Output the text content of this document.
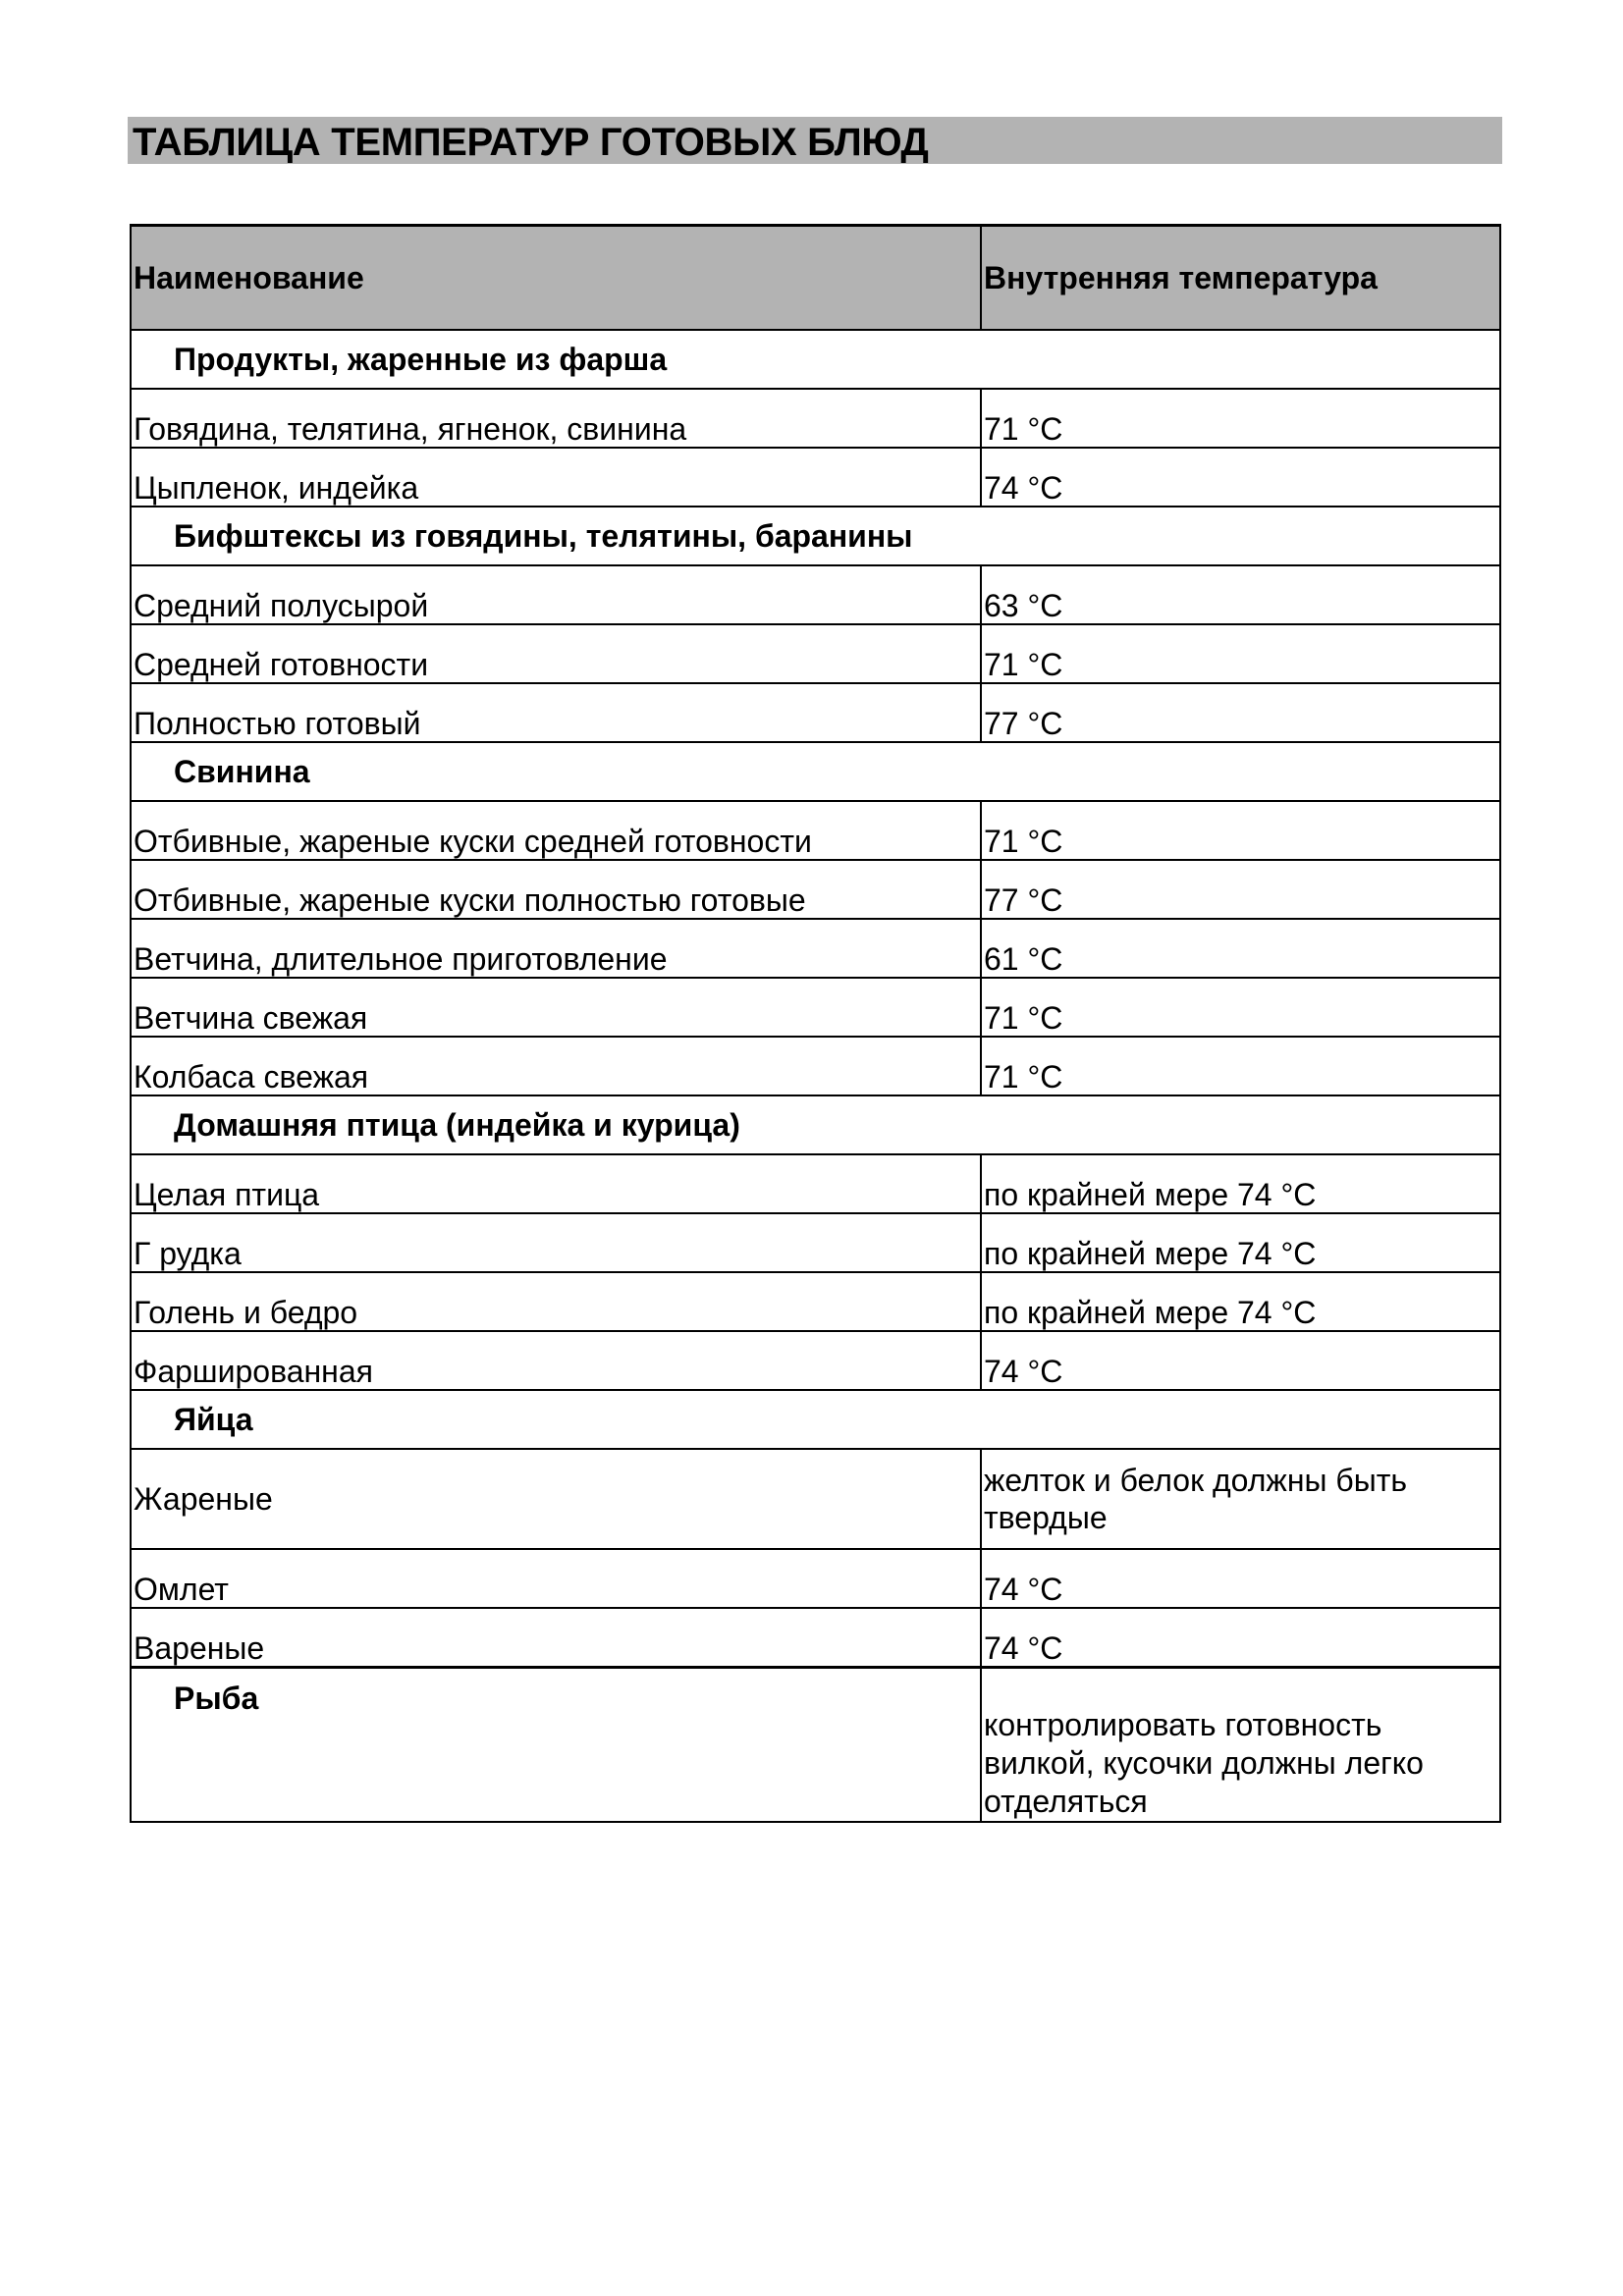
ТАБЛИЦА ТЕМПЕРАТУР ГОТОВЫХ БЛЮД
Наименование	Внутренняя температура
Продукты, жаренные из фарша	
Говядина, телятина, ягненок, свинина	71 °C
Цыпленок, индейка	74 °C
Бифштексы из говядины, телятины, баранины	
Средний полусырой	63 °C
Средней готовности	71 °C
Полностью готовый	77 °C
Свинина	
Отбивные, жареные куски средней готовности	71 °C
Отбивные, жареные куски полностью готовые	77 °C
Ветчина, длительное приготовление	61 °C
Ветчина свежая	71 °C
Колбаса свежая	71 °C
Домашняя птица (индейка и курица)	
Целая птица	по крайней мере 74 °C
Г рудка	по крайней мере 74 °C
Голень и бедро	по крайней мере 74 °C
Фаршированная	74 °C
Яйца	
Жареные	желток и белок должны быть твердые
Омлет	74 °C
Вареные	74 °C
Рыба	контролировать готовность вилкой, кусочки должны легко отделяться
